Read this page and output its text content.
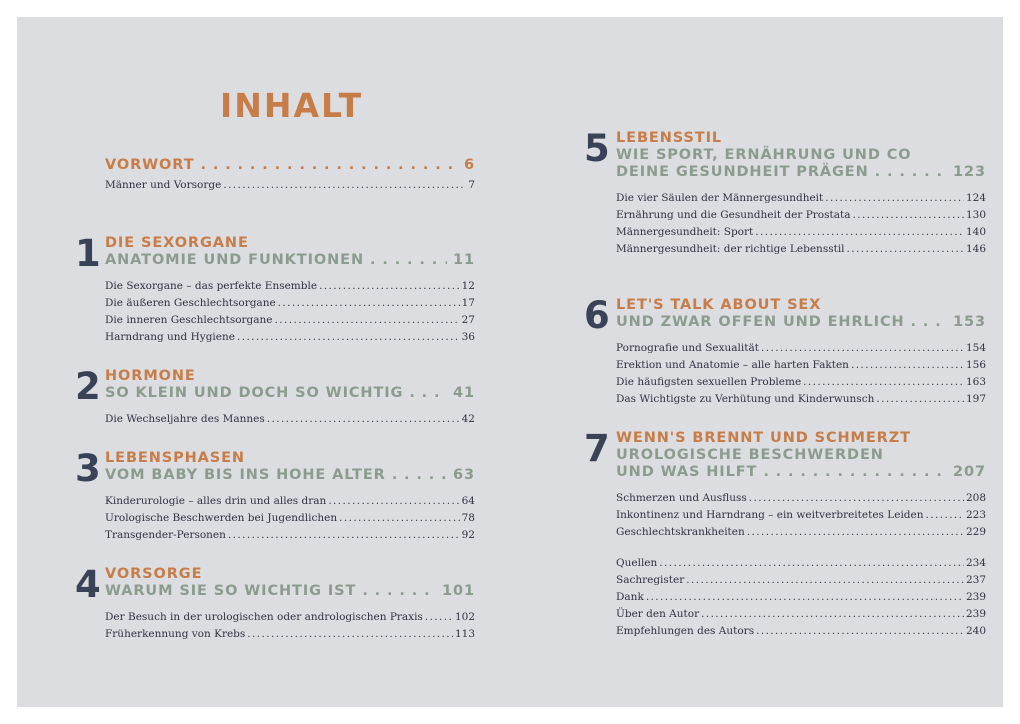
INHALT
VORWORT . . .	6
Männer und Vorsorge .....	7
1 DIE SEXORGANE
ANATOMIE UND FUNKTIONEN . . .	11
Die Sexorgane – das perfekte Ensemble .....	12
Die äußeren Geschlechtsorgane .....	17
Die inneren Geschlechtsorgane .....	27
Harndrang und Hygiene .....	36
2 HORMONE
SO KLEIN UND DOCH SO WICHTIG . . .	41
Die Wechseljahre des Mannes .....	42
3 LEBENSPHASEN
VOM BABY BIS INS HOHE ALTER . . .	63
Kinderurologie – alles drin und alles dran .....	64
Urologische Beschwerden bei Jugendlichen .....	78
Transgender-Personen .....	92
4 VORSORGE
WARUM SIE SO WICHTIG IST . . .	101
Der Besuch in der urologischen oder andrologischen Praxis .....	102
Früherkennung von Krebs .....	113
5 LEBENSSTIL
WIE SPORT, ERNÄHRUNG UND CO
DEINE GESUNDHEIT PRÄGEN . . .	123
Die vier Säulen der Männergesundheit .....	124
Ernährung und die Gesundheit der Prostata .....	130
Männergesundheit: Sport .....	140
Männergesundheit: der richtige Lebensstil .....	146
6 LET'S TALK ABOUT SEX
UND ZWAR OFFEN UND EHRLICH . . .	153
Pornografie und Sexualität .....	154
Erektion und Anatomie – alle harten Fakten .....	156
Die häufigsten sexuellen Probleme .....	163
Das Wichtigste zu Verhütung und Kinderwunsch .....	197
7 WENN'S BRENNT UND SCHMERZT
UROLOGISCHE BESCHWERDEN
UND WAS HILFT . . .	207
Schmerzen und Ausfluss .....	208
Inkontinenz und Harndrang – ein weitverbreitetes Leiden .....	223
Geschlechtskrankheiten .....	229
Quellen .....	234
Sachregister .....	237
Dank .....	239
Über den Autor .....	239
Empfehlungen des Autors .....	240
